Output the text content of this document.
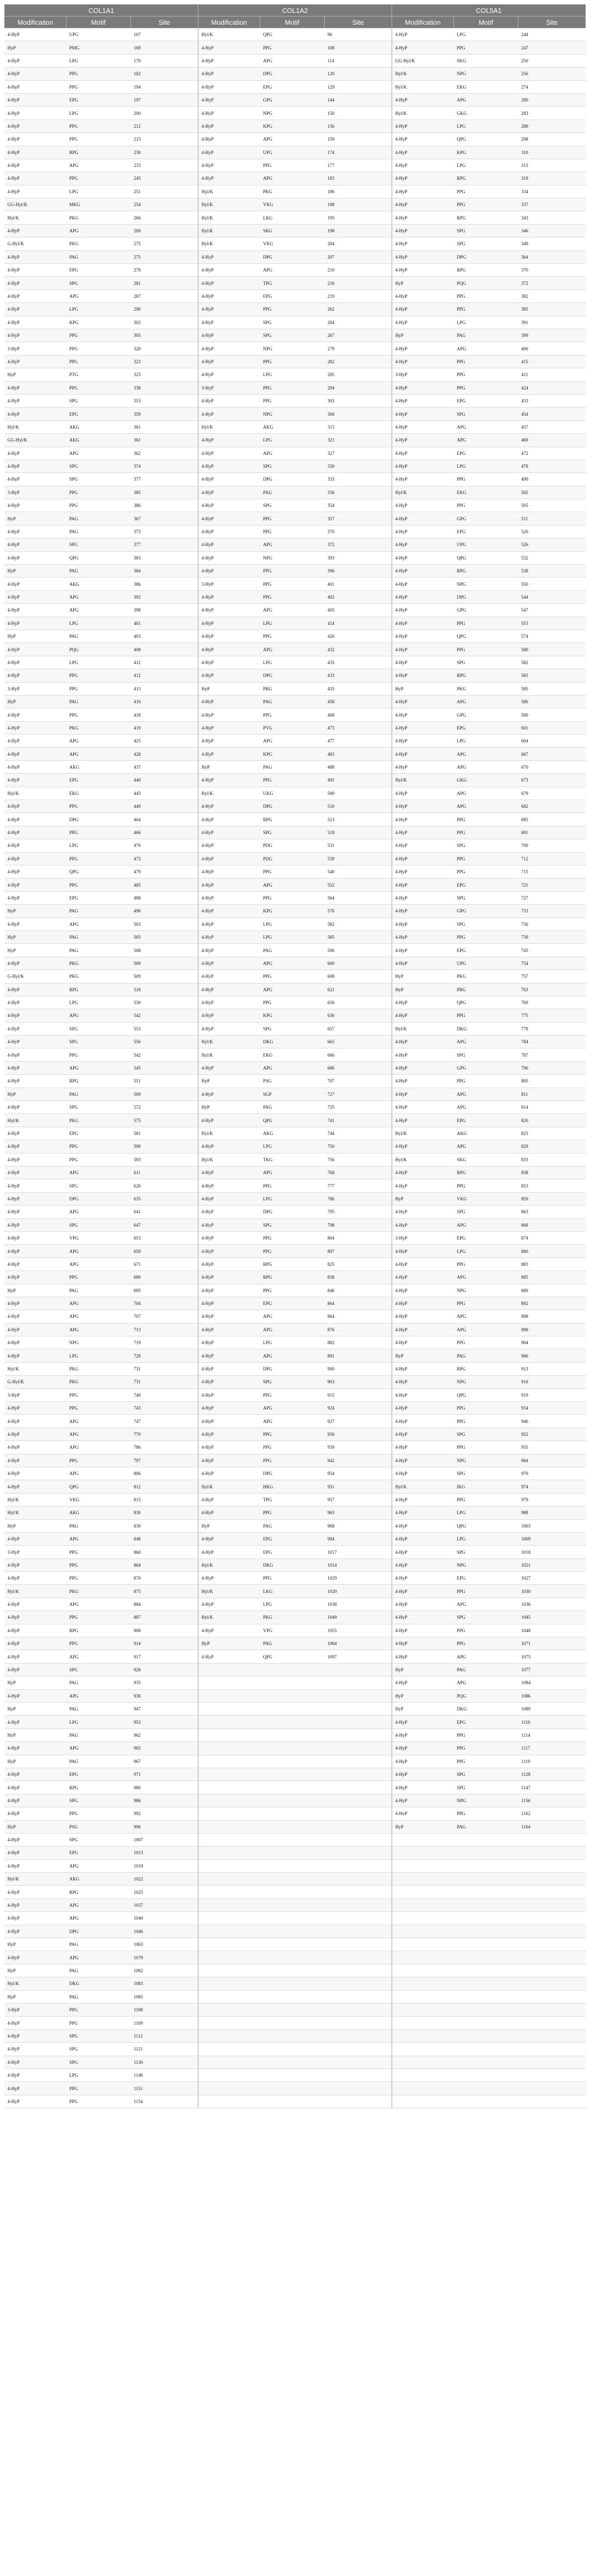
COL1A1			COL1A2			COL5A1		
Modification	Motif	Site	Modification	Motif	Site	Modification	Motif	Site
4-HyP	UPG	167	Hyl/K	QPG	96	4-HyP	LPG	244
HyP	PMG	169	4-HyP	PPG	108	4-HyP	PPG	247
4-HyP	LPG	170	4-HyP	APG	114	GG-Hyl/K	SKG	250
4-HyP	PPG	182	4-HyP	DPG	120	Hyl/K	NPG	256
4-HyP	PPG	194	4-HyP	EPG	129	Hyl/K	EKG	274
4-HyP	EPG	197	4-HyP	GPG	144	4-HyP	APG	280
4-HyP	LPG	200	4-HyP	NPG	150	Hyl/K	GKG	283
4-HyP	PPG	212	4-HyP	KPG	156	4-HyP	LPG	289
4-HyP	PPG	215	4-HyP	APG	159	4-HyP	QPG	298
4-HyP	RPG	230	4-HyP	UPG	174	4-HyP	KPG	310
4-HyP	APG	233	4-HyP	PPG	177	4-HyP	LPG	313
4-HyP	PPG	245	4-HyP	APG	183	4-HyP	RPG	319
4-HyP	LPG	251	Hyl/K	PKG	186	4-HyP	PPG	334
GG-Hyl/K	MKG	254	Hyl/K	VKG	188	4-HyP	PPG	337
Hyl/K	PKG	266	Hyl/K	LKG	195	4-HyP	RPG	343
4-HyP	APG	269	Hyl/K	SKG	198	4-HyP	SPG	346
G-Hyl/K	PKG	275	Hyl/K	VKG	204	4-HyP	SPG	349
4-HyP	PAG	275	4-HyP	DPG	207	4-HyP	DPG	364
4-HyP	EPG	278	4-HyP	APG	210	4-HyP	RPG	370
4-HyP	SPG	281	4-HyP	TPG	216	HyP	PQG	372
4-HyP	APG	287	4-HyP	EPG	219	4-HyP	PPG	382
4-HyP	LPG	290	4-HyP	PPG	262	4-HyP	PPG	385
4-HyP	KPG	302	4-HyP	SPG	264	4-HyP	LPG	391
4-HyP	PPG	305	4-HyP	SPG	267	HyP	PAG	399
3-HyP	PPG	320	4-HyP	NPG	279	4-HyP	APG	406
4-HyP	PPG	323	4-HyP	PPG	282	4-HyP	PPG	415
HyP	PTG	325	4-HyP	LPG	285	3-HyP	PPG	421
4-HyP	PPG	338	3-HyP	PPG	294	4-HyP	PPG	424
4-HyP	SPG	353	4-HyP	PPG	303	4-HyP	EPG	433
4-HyP	EPG	359	4-HyP	NPG	306	4-HyP	SPG	454
Hyl/K	AKG	361	Hyl/K	AKG	313	4-HyP	APG	457
GG-Hyl/K	AKG	361	4-HyP	LPG	321	4-HyP	APG	469
4-HyP	APG	362	4-HyP	APG	327	4-HyP	EPG	472
4-HyP	SPG	374	4-HyP	SPG	330	4-HyP	LPG	478
4-HyP	SPG	377	4-HyP	DPG	333	4-HyP	PPG	490
3-HyP	PPG	385	4-HyP	PAG	336	Hyl/K	EKG	502
4-HyP	PPG	386	4-HyP	SPG	354	4-HyP	PPG	505
HyP	PAG	367	4-HyP	PPG	357	4-HyP	GPG	511
4-HyP	PAG	373	4-HyP	PPG	370	4-HyP	EPG	520
4-HyP	SPG	377	4-HyP	APG	372	4-HyP	UPG	526
4-HyP	QPG	383	4-HyP	NPG	393	4-HyP	QPG	532
HyP	PAG	384	4-HyP	PPG	396	4-HyP	RPG	538
4-HyP	AKG	386	3-HyP	PPG	401	4-HyP	NPG	550
4-HyP	APG	392	4-HyP	PPG	402	4-HyP	DPG	544
4-HyP	APG	398	4-HyP	APG	405	4-HyP	GPG	547
4-HyP	LPG	401	4-HyP	LPG	414	4-HyP	PPG	553
HyP	PAG	403	4-HyP	PPG	426	4-HyP	QPG	574
4-HyP	PQG	408	4-HyP	APG	432	4-HyP	PPG	580
4-HyP	LPG	412	4-HyP	LPG	435	4-HyP	SPG	582
4-HyP	PPG	412	4-HyP	DPG	433	4-HyP	RPG	583
3-HyP	PPG	413	HyP	PRG	435	HyP	PKG	585
HyP	PAG	416	4-HyP	PAG	458	4-HyP	APG	586
4-HyP	PPG	418	4-HyP	PPG	468	4-HyP	GPG	590
4-HyP	PKG	419	4-HyP	PVG	473	4-HyP	EPG	601
4-HyP	APG	425	4-HyP	APG	477	4-HyP	LPG	604
4-HyP	APG	428	4-HyP	KPG	483	4-HyP	APG	667
4-HyP	AKG	437	HyP	PAG	488	4-HyP	APG	670
4-HyP	EPG	440	4-HyP	PPG	491	Hyl/K	GKG	673
Hyl/K	EKG	443	Hyl/K	UKG	500	4-HyP	APG	679
4-HyP	PPG	449	4-HyP	DPG	510	4-HyP	APG	682
4-HyP	DPG	464	4-HyP	RPG	513	4-HyP	PPG	685
4-HyP	PPG	466	4-HyP	SPG	519	4-HyP	PPG	691
4-HyP	LPG	470	4-HyP	PDG	531	4-HyP	SPG	709
4-HyP	PPG	473	4-HyP	PDG	539	4-HyP	PPG	712
4-HyP	QPG	479	4-HyP	PPG	540	4-HyP	PPG	715
4-HyP	PPG	485	4-HyP	APG	552	4-HyP	EPG	721
4-HyP	EPG	488	4-HyP	PPG	564	4-HyP	SPG	727
HyP	PAG	496	4-HyP	KPG	576	4-HyP	GPG	733
4-HyP	APG	503	4-HyP	LPG	582	4-HyP	SPG	736
HyP	PAG	505	4-HyP	LPG	585	4-HyP	PPG	739
HyP	PAG	508	4-HyP	PAG	596	4-HyP	EPG	745
4-HyP	PKG	509	4-HyP	APG	600	4-HyP	UPG	754
G-Hyl/K	PKG	509	4-HyP	PPG	608	HyP	PKG	757
4-HyP	RPG	518	4-HyP	APG	621	HyP	PRG	763
4-HyP	LPG	530	4-HyP	PPG	630	4-HyP	QPG	769
4-HyP	APG	542	4-HyP	KPG	636	4-HyP	PPG	775
4-HyP	SPG	553	4-HyP	SPG	657	Hyl/K	DKG	778
4-HyP	SPG	556	Hyl/K	DKG	663	4-HyP	APG	784
4-HyP	PPG	542	Hyl/K	EKG	666	4-HyP	SPG	787
4-HyP	APG	545	4-HyP	APG	686	4-HyP	GPG	796
4-HyP	RPG	551	HyP	PSG	707	4-HyP	PPG	805
HyP	PAG	569	4-HyP	SGP	727	4-HyP	APG	811
4-HyP	SPG	572	HyP	PAG	725	4-HyP	APG	814
Hyl/K	PKG	575	4-HyP	QPG	741	4-HyP	EPG	820
4-HyP	EPG	581	Hyl/K	AKG	744	Hyl/K	AKG	823
4-HyP	PPG	590	4-HyP	LPG	750	4-HyP	APG	829
4-HyP	PPG	593	Hyl/K	TKG	756	Hyl/K	SKG	833
4-HyP	APG	611	4-HyP	APG	768	4-HyP	RPG	838
4-HyP	SPG	620	4-HyP	PPG	777	4-HyP	PPG	853
4-HyP	DPG	635	4-HyP	LPG	786	HyP	VKG	859
4-HyP	APG	641	4-HyP	DPG	795	4-HyP	SPG	863
4-HyP	SPG	647	4-HyP	SPG	798	4-HyP	APG	868
4-HyP	VPG	653	4-HyP	PPG	804	3-HyP	EPG	874
4-HyP	APG	659	4-HyP	PPG	807	4-HyP	LPG	880
4-HyP	APG	671	4-HyP	RPG	825	4-HyP	PPG	883
4-HyP	PPG	680	4-HyP	RPG	838	4-HyP	APG	885
HyP	PAG	695	4-HyP	PPG	846	4-HyP	NPG	889
4-HyP	APG	704	4-HyP	EPG	864	4-HyP	PPG	892
4-HyP	APG	707	4-HyP	APG	864	4-HyP	APG	898
4-HyP	APG	713	4-HyP	APG	876	4-HyP	APG	898
4-HyP	NPG	719	4-HyP	LPG	882	4-HyP	PPG	904
4-HyP	LPG	728	4-HyP	APG	891	HyP	PAG	906
Hyl/K	PKG	731	4-HyP	DPG	900	4-HyP	RPG	913
G-Hyl/K	PKG	731	4-HyP	SPG	903	4-HyP	NPG	916
3-HyP	PPG	740	4-HyP	PPG	915	4-HyP	QPG	919
4-HyP	PPG	743	4-HyP	APG	924	4-HyP	PPG	934
4-HyP	APG	747	4-HyP	APG	927	4-HyP	PPG	940
4-HyP	APG	770	4-HyP	PPG	936	4-HyP	SPG	952
4-HyP	APG	786	4-HyP	PPG	939	4-HyP	PPG	955
4-HyP	PPG	797	4-HyP	PPG	942	4-HyP	NPG	964
4-HyP	APG	806	4-HyP	DPG	954	4-HyP	SPG	970
4-HyP	QPG	812	Hyl/K	HKG	951	Hyl/K	IKG	974
Hyl/K	VKG	815	4-HyP	TPG	957	4-HyP	PPG	979
Hyl/K	AKG	830	4-HyP	PPG	963	4-HyP	LPG	988
HyP	PAG	830	HyP	PAG	968	4-HyP	QPG	1003
4-HyP	APG	848	4-HyP	EPG	984	4-HyP	LPG	1009
3-HyP	PPG	860	4-HyP	EPG	1017	4-HyP	SPG	1018
4-HyP	PPG	864	Hyl/K	DKG	1014	4-HyP	NPG	1021
4-HyP	PPG	870	4-HyP	PPG	1029	4-HyP	EPG	1027
Hyl/K	PKG	875	Hyl/K	LKG	1029	4-HyP	PPG	1030
4-HyP	APG	884	4-HyP	LPG	1038	4-HyP	APG	1036
4-HyP	PPG	887	Hyl/K	PKG	1049	4-HyP	SPG	1045
4-HyP	RPG	908	4-HyP	VPG	1055	4-HyP	PPG	1048
4-HyP	PPG	914	HyP	PAG	1064	4-HyP	PPG	1071
4-HyP	APG	917	4-HyP	QPG	1097	4-HyP	APG	1075
4-HyP	SPG	926				HyP	PAG	1077
HyP	PAG	935				4-HyP	APG	1084
4-HyP	APG	938				HyP	PQG	1086
HyP	PAG	947				HyP	DKG	1089
4-HyP	LPG	953				4-HyP	EPG	1110
HyP	PAG	962				4-HyP	PPG	1114
4-HyP	APG	965				4-HyP	PPG	1117
HyP	PAG	967				4-HyP	PPG	1119
4-HyP	EPG	971				4-HyP	SPG	1128
4-HyP	RPG	980				4-HyP	SPG	1147
4-HyP	SPG	986				4-HyP	NPG	1156
4-HyP	PPG	992				4-HyP	PPG	1162
HyP	PSG	996				HyP	PAG	1164
4-HyP	SPG	1007						
4-HyP	EPG	1013						
4-HyP	APG	1019						
Hyl/K	AKG	1022						
4-HyP	RPG	1025						
4-HyP	APG	1037						
4-HyP	APG	1040						
4-HyP	DPG	1046						
HyP	PAG	1063						
4-HyP	APG	1079						
HyP	PAG	1082						
Hyl/K	DKG	1083						
HyP	PAG	1085						
3-HyP	PPG	1108						
4-HyP	PPG	1109						
4-HyP	SPG	1112						
4-HyP	SPG	1121						
4-HyP	SPG	1130						
4-HyP	LPG	1148						
4-HyP	PPG	1151						
4-HyP	PPG	1154						
